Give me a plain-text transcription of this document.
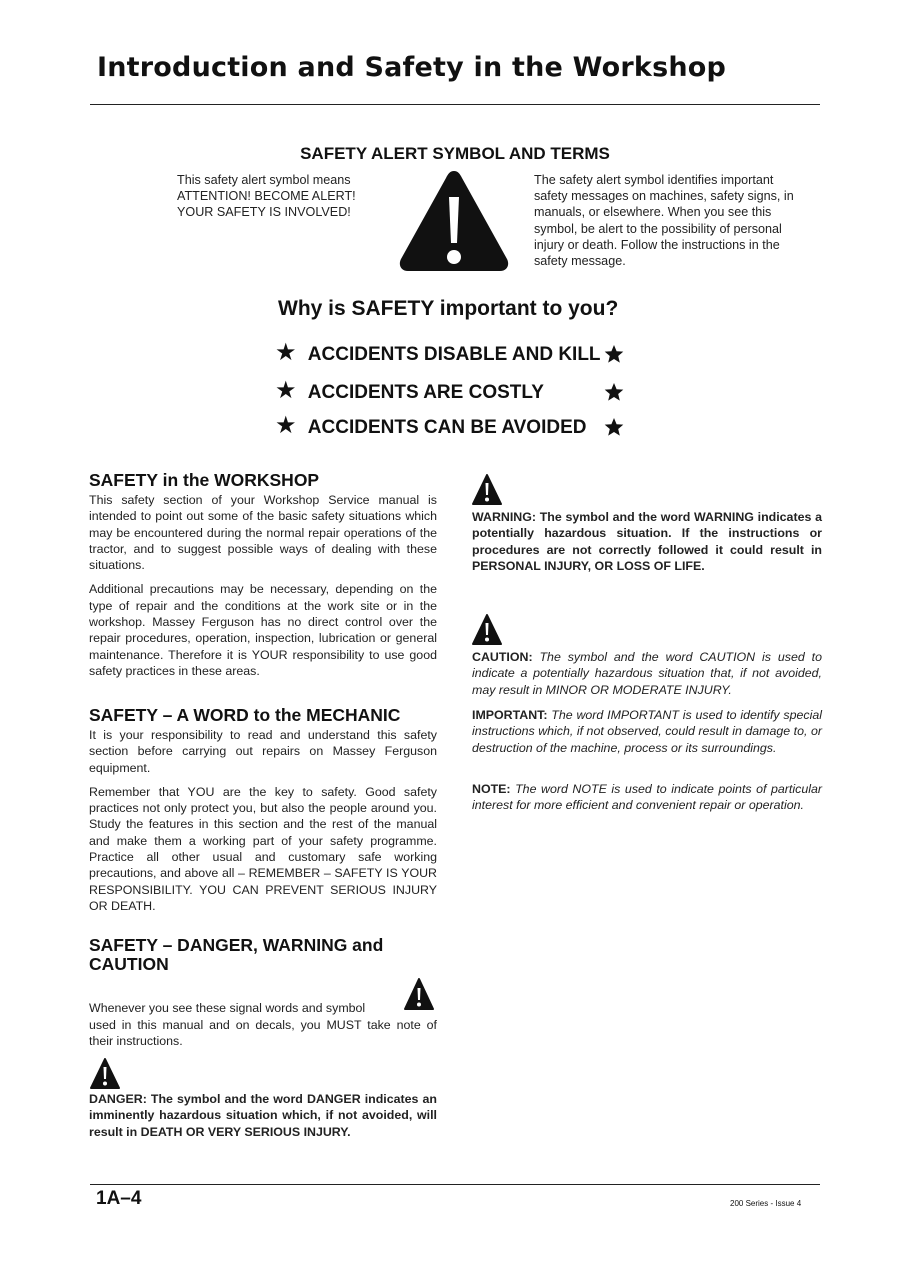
Introduction and Safety in the Workshop
SAFETY ALERT SYMBOL AND TERMS
This safety alert symbol means
ATTENTION! BECOME ALERT!
YOUR SAFETY IS INVOLVED!
The safety alert symbol identifies important safety messages on machines, safety signs, in manuals, or elsewhere. When you see this symbol, be alert to the possibility of personal injury or death. Follow the instructions in the safety message.
Why is SAFETY important to you?
★ ACCIDENTS DISABLE AND KILL
★ ACCIDENTS ARE COSTLY
★ ACCIDENTS CAN BE AVOIDED
SAFETY in the WORKSHOP

This safety section of your Workshop Service manual is intended to point out some of the basic safety situations which may be encountered during the normal repair operations of the tractor, and to suggest possible ways of dealing with these situations.

Additional precautions may be necessary, depending on the type of repair and the conditions at the work site or in the workshop. Massey Ferguson has no direct control over the repair procedures, operation, inspection, lubrication or general maintenance. Therefore it is YOUR responsibility to use good safety practices in these areas.

SAFETY – A WORD to the MECHANIC

It is your responsibility to read and understand this safety section before carrying out repairs on Massey Ferguson equipment.

Remember that YOU are the key to safety. Good safety practices not only protect you, but also the people around you. Study the features in this section and the rest of the manual and make them a working part of your safety programme. Practice all other usual and customary safe working precautions, and above all – REMEMBER – SAFETY IS YOUR RESPONSIBILITY. YOU CAN PREVENT SERIOUS INJURY OR DEATH.

SAFETY – DANGER, WARNING and
CAUTION
Whenever you see these signal words and symbol
used in this manual and on decals, you MUST take note of their instructions.
DANGER: The symbol and the word DANGER indicates an imminently hazardous situation which, if not avoided, will result in DEATH OR VERY SERIOUS INJURY.
WARNING: The symbol and the word WARNING indicates a potentially hazardous situation. If the instructions or procedures are not correctly followed it could result in PERSONAL INJURY, OR LOSS OF LIFE.
CAUTION: The symbol and the word CAUTION is used to indicate a potentially hazardous situation that, if not avoided, may result in MINOR OR MODERATE INJURY.
IMPORTANT: The word IMPORTANT is used to identify special instructions which, if not observed, could result in damage to, or destruction of the machine, process or its surroundings.
NOTE: The word NOTE is used to indicate points of particular interest for more efficient and convenient repair or operation.
1A–4	200 Series - Issue 4
